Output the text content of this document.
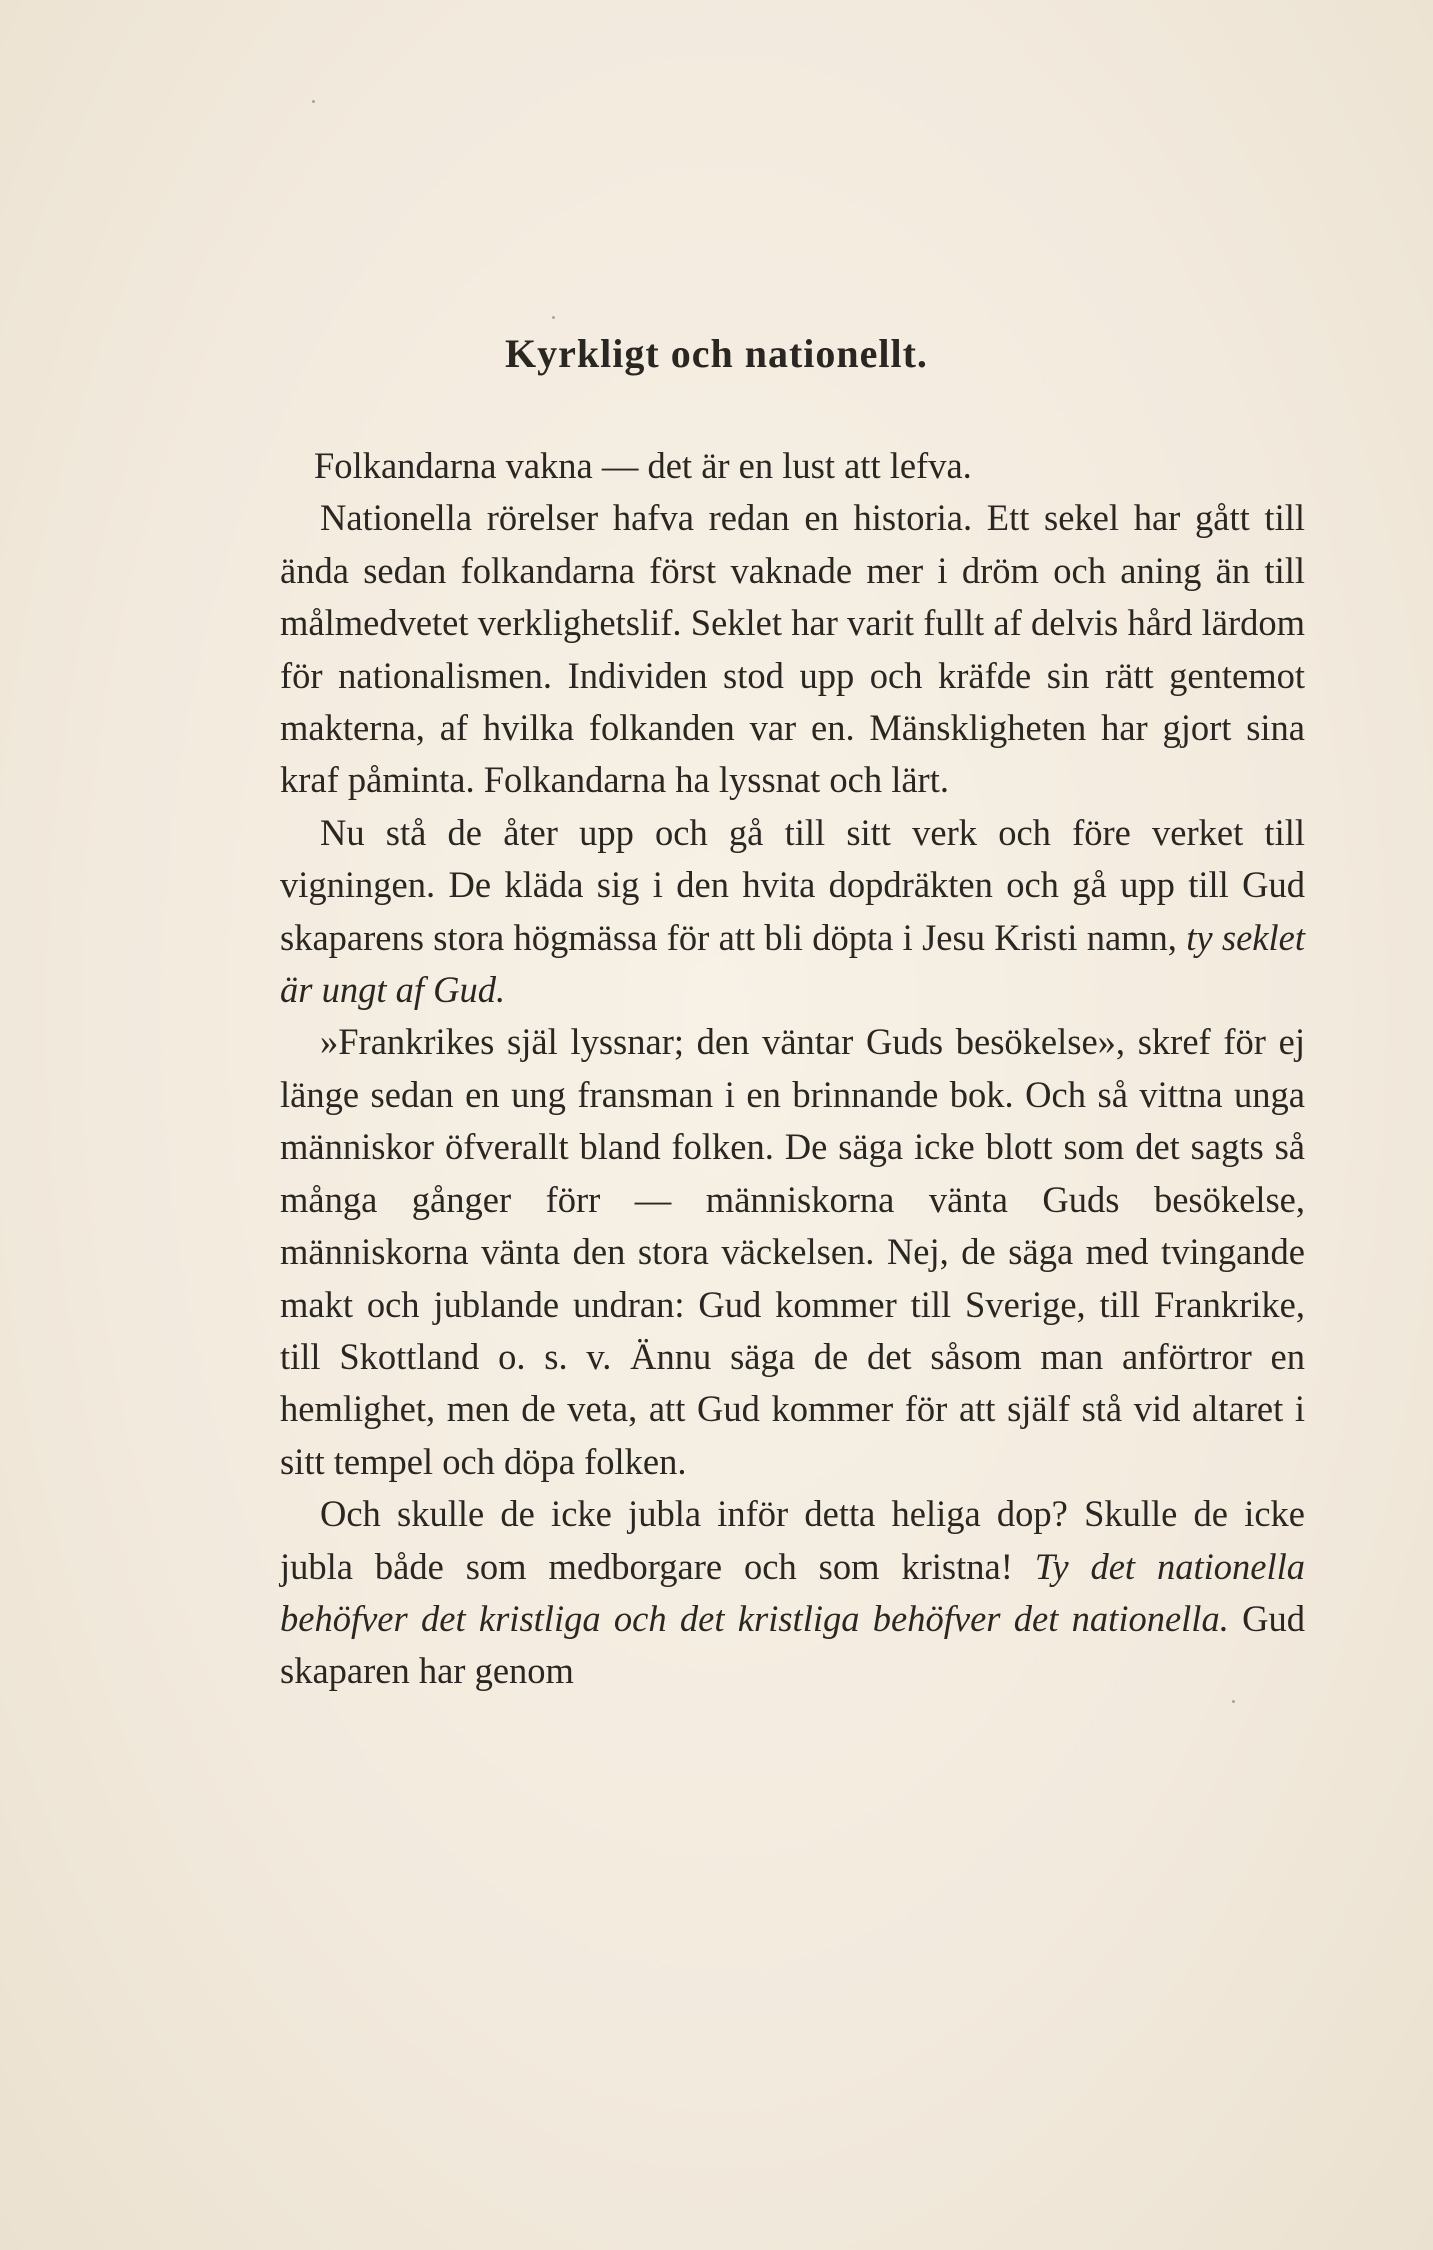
Kyrkligt och nationellt.

Folkandarna vakna — det är en lust att lefva.

Nationella rörelser hafva redan en historia. Ett sekel har gått till ända sedan folkandarna först vaknade mer i dröm och aning än till målmedvetet verklighetslif. Seklet har varit fullt af delvis hård lärdom för nationalismen. Individen stod upp och kräfde sin rätt gentemot makterna, af hvilka folkanden var en. Mänskligheten har gjort sina kraf påminta. Folkandarna ha lyssnat och lärt.

Nu stå de åter upp och gå till sitt verk och före verket till vigningen. De kläda sig i den hvita dopdräkten och gå upp till Gud skaparens stora högmässa för att bli döpta i Jesu Kristi namn, ty seklet är ungt af Gud.

»Frankrikes själ lyssnar; den väntar Guds besökelse», skref för ej länge sedan en ung fransman i en brinnande bok. Och så vittna unga människor öfverallt bland folken. De säga icke blott som det sagts så många gånger förr — människorna vänta Guds besökelse, människorna vänta den stora väckelsen. Nej, de säga med tvingande makt och jublande undran: Gud kommer till Sverige, till Frankrike, till Skottland o. s. v. Ännu säga de det såsom man anförtror en hemlighet, men de veta, att Gud kommer för att själf stå vid altaret i sitt tempel och döpa folken.

Och skulle de icke jubla inför detta heliga dop? Skulle de icke jubla både som medborgare och som kristna! Ty det nationella behöfver det kristliga och det kristliga behöfver det nationella. Gud skaparen har genom
